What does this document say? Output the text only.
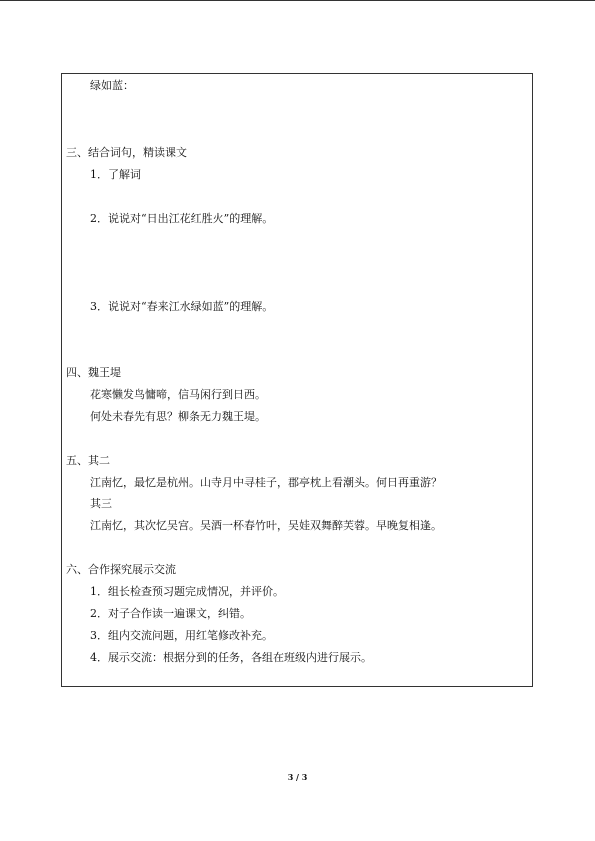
绿如蓝：
三、结合词句，精读课文
1．了解词
2．说说对“日出江花红胜火”的理解。
3．说说对“春来江水绿如蓝”的理解。
四、魏王堤
花寒懒发鸟慵啼，信马闲行到日西。
何处未春先有思？柳条无力魏王堤。
五、其二
江南忆，最忆是杭州。山寺月中寻桂子，郡亭枕上看潮头。何日再重游？
其三
江南忆，其次忆吴宫。吴酒一杯春竹叶，吴娃双舞醉芙蓉。早晚复相逢。
六、合作探究展示交流
1．组长检查预习题完成情况，并评价。
2．对子合作读一遍课文，纠错。
3．组内交流问题，用红笔修改补充。
4．展示交流：根据分到的任务，各组在班级内进行展示。
3 / 3
